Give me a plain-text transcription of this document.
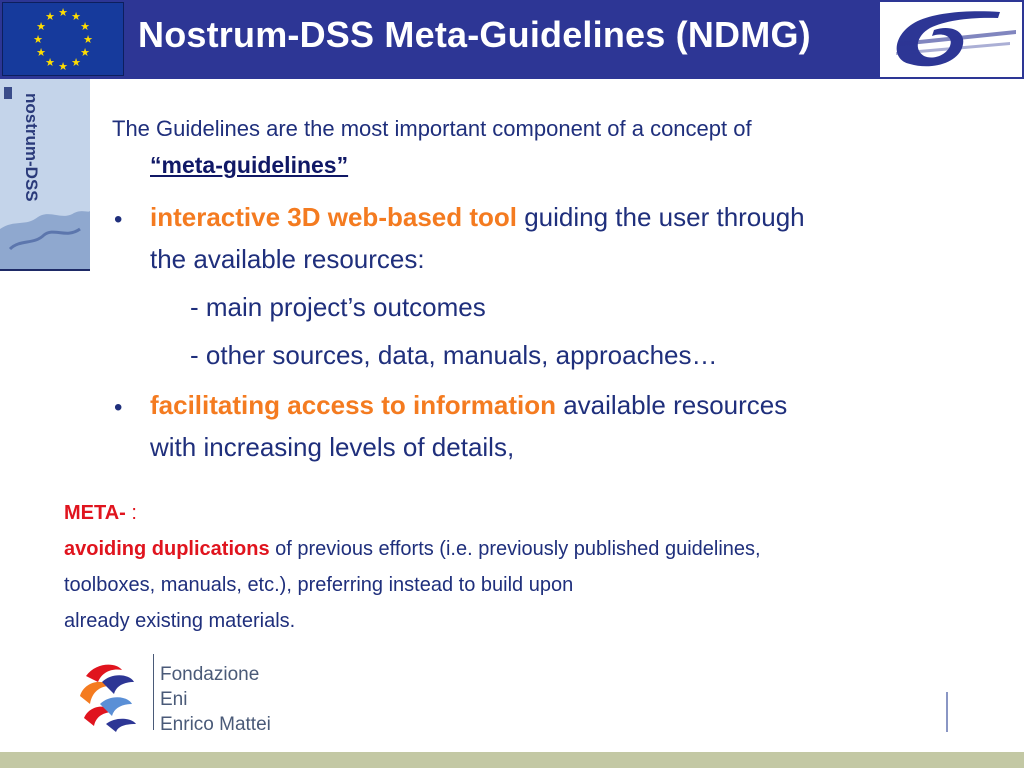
★ ★
★
★
★
★
★
★
★
★
★
★ Nostrum-DSS Meta-Guidelines (NDMG)
nostrum-DSS	The Guidelines are the most important component of a concept of
“meta-guidelines”
• interactive 3D web-based tool guiding the user through
the available resources:
- main project’s outcomes
- other sources, data, manuals, approaches…
• facilitating access to information available resources
with increasing levels of details,
META- :
avoiding duplications of previous efforts (i.e. previously published guidelines,
toolboxes, manuals, etc.), preferring instead to build upon
already existing materials.
Fondazione
Eni
Enrico Mattei
